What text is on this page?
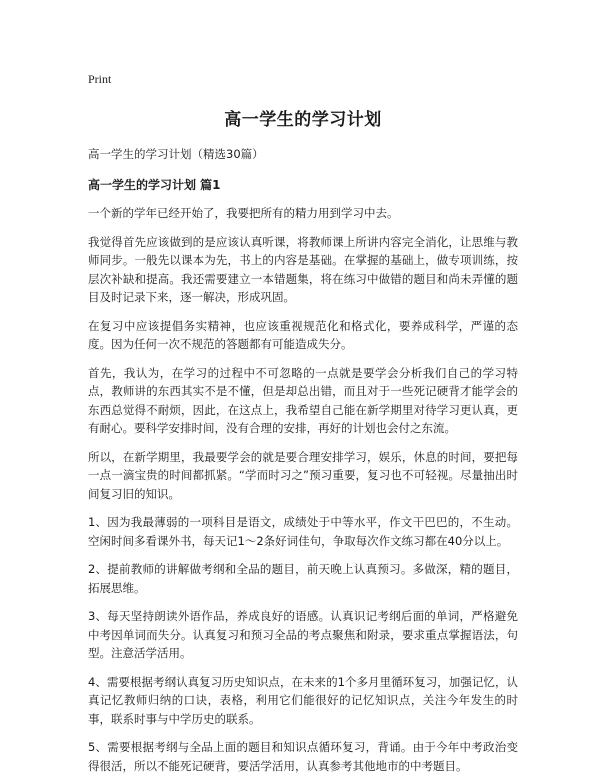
Print

高一学生的学习计划

高一学生的学习计划（精选30篇）

高一学生的学习计划 篇1

一个新的学年已经开始了，我要把所有的精力用到学习中去。

我觉得首先应该做到的是应该认真听课，将教师课上所讲内容完全消化，让思维与教师同步。一般先以课本为先，书上的内容是基础。在掌握的基础上，做专项训练，按层次补缺和提高。我还需要建立一本错题集，将在练习中做错的题目和尚未弄懂的题目及时记录下来，逐一解决，形成巩固。

在复习中应该提倡务实精神，也应该重视规范化和格式化，要养成科学，严谨的态度。因为任何一次不规范的答题都有可能造成失分。

首先，我认为，在学习的过程中不可忽略的一点就是要学会分析我们自己的学习特点，教师讲的东西其实不是不懂，但是却总出错，而且对于一些死记硬背才能学会的东西总觉得不耐烦，因此，在这点上，我希望自己能在新学期里对待学习更认真，更有耐心。要科学安排时间，没有合理的安排，再好的计划也会付之东流。

所以，在新学期里，我最要学会的就是要合理安排学习，娱乐，休息的时间，要把每一点一滴宝贵的时间都抓紧。“学而时习之”预习重要，复习也不可轻视。尽量抽出时间复习旧的知识。

1、因为我最薄弱的一项科目是语文，成绩处于中等水平，作文干巴巴的，不生动。空闲时间多看课外书，每天记1～2条好词佳句，争取每次作文练习都在40分以上。

2、提前教师的讲解做考纲和全品的题目，前天晚上认真预习。多做深，精的题目，拓展思维。

3、每天坚持朗读外语作品，养成良好的语感。认真识记考纲后面的单词，严格避免中考因单词而失分。认真复习和预习全品的考点聚焦和附录，要求重点掌握语法，句型。注意活学活用。

4、需要根据考纲认真复习历史知识点，在未来的1个多月里循环复习，加强记忆，认真记忆教师归纳的口诀，表格，利用它们能很好的记忆知识点，关注今年发生的时事，联系时事与中学历史的联系。

5、需要根据考纲与全品上面的题目和知识点循环复习，背诵。由于今年中考政治变得很活，所以不能死记硬背，要活学活用，认真参考其他地市的中考题目。
